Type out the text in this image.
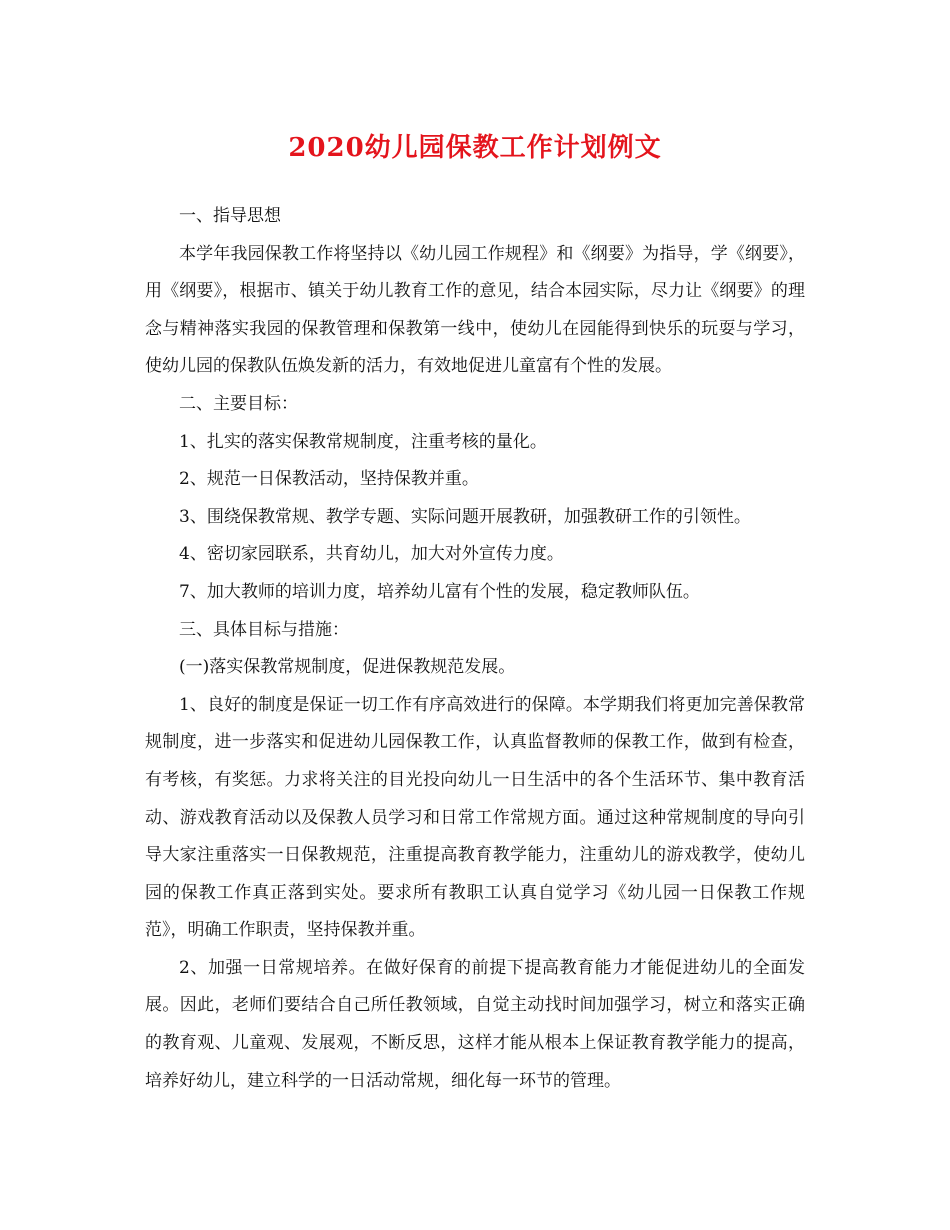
2020幼儿园保教工作计划例文

一、指导思想

本学年我园保教工作将坚持以《幼儿园工作规程》和《纲要》为指导，学《纲要》，用《纲要》，根据市、镇关于幼儿教育工作的意见，结合本园实际，尽力让《纲要》的理念与精神落实我园的保教管理和保教第一线中，使幼儿在园能得到快乐的玩耍与学习，使幼儿园的保教队伍焕发新的活力，有效地促进儿童富有个性的发展。

二、主要目标：

1、扎实的落实保教常规制度，注重考核的量化。

2、规范一日保教活动，坚持保教并重。

3、围绕保教常规、教学专题、实际问题开展教研，加强教研工作的引领性。

4、密切家园联系，共育幼儿，加大对外宣传力度。

7、加大教师的培训力度，培养幼儿富有个性的发展，稳定教师队伍。

三、具体目标与措施：

(一)落实保教常规制度，促进保教规范发展。

1、良好的制度是保证一切工作有序高效进行的保障。本学期我们将更加完善保教常规制度，进一步落实和促进幼儿园保教工作，认真监督教师的保教工作，做到有检查，有考核，有奖惩。力求将关注的目光投向幼儿一日生活中的各个生活环节、集中教育活动、游戏教育活动以及保教人员学习和日常工作常规方面。通过这种常规制度的导向引导大家注重落实一日保教规范，注重提高教育教学能力，注重幼儿的游戏教学，使幼儿园的保教工作真正落到实处。要求所有教职工认真自觉学习《幼儿园一日保教工作规范》，明确工作职责，坚持保教并重。

2、加强一日常规培养。在做好保育的前提下提高教育能力才能促进幼儿的全面发展。因此，老师们要结合自己所任教领域，自觉主动找时间加强学习，树立和落实正确的教育观、儿童观、发展观，不断反思，这样才能从根本上保证教育教学能力的提高，培养好幼儿，建立科学的一日活动常规，细化每一环节的管理。
